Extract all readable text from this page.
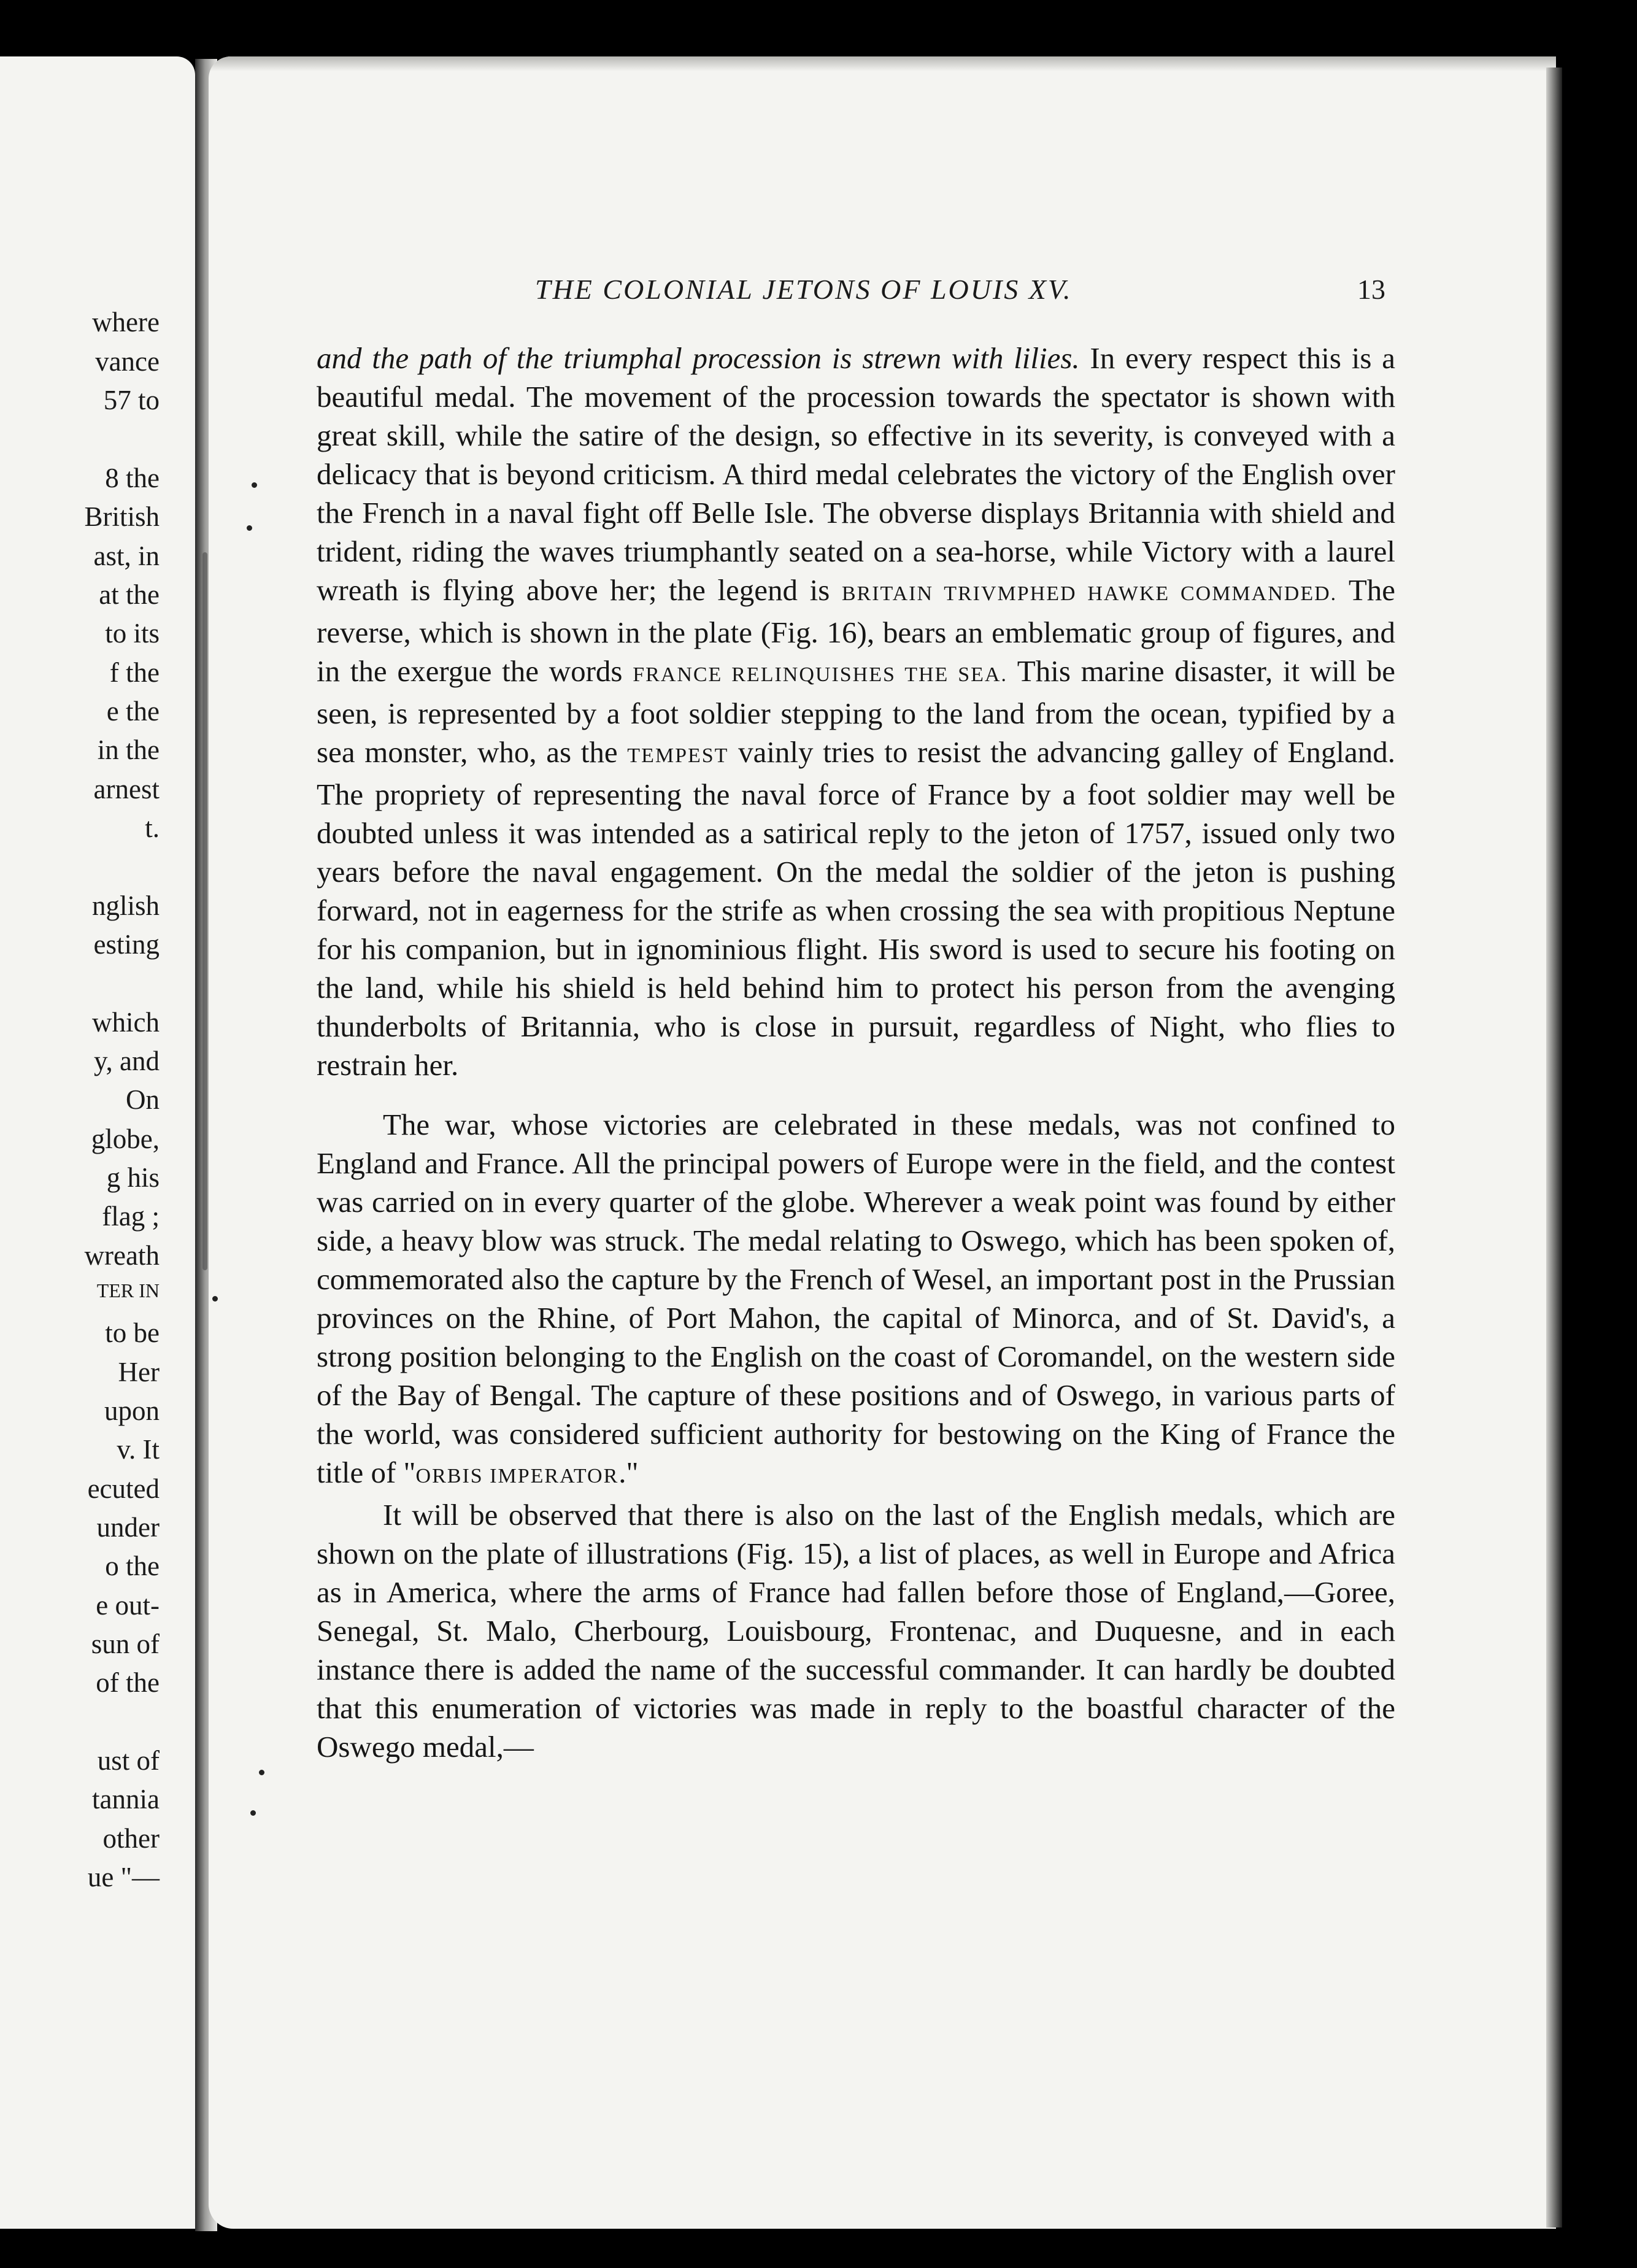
where
vance
57 to
8 the
British
ast, in
at the
to its
f the
e the
in the
arnest
t.
nglish
esting
which
y, and
On
globe,
g his
flag ;
wreath
TER IN
to be
Her
upon
v. It
ecuted
under
o the
e out-
sun of
of the
ust of
tannia
other
ue "—
THE COLONIAL JETONS OF LOUIS XV.	13

and the path of the triumphal procession is strewn with lilies. In every respect this is a beautiful medal. The movement of the procession towards the spectator is shown with great skill, while the satire of the design, so effective in its severity, is conveyed with a delicacy that is beyond criticism. A third medal celebrates the victory of the English over the French in a naval fight off Belle Isle. The obverse displays Britannia with shield and trident, riding the waves triumphantly seated on a sea-horse, while Victory with a laurel wreath is flying above her; the legend is BRITAIN TRIVMPHED HAWKE COMMANDED. The reverse, which is shown in the plate (Fig. 16), bears an emblematic group of figures, and in the exergue the words FRANCE RELINQUISHES THE SEA. This marine disaster, it will be seen, is represented by a foot soldier stepping to the land from the ocean, typified by a sea monster, who, as the TEMPEST vainly tries to resist the advancing galley of England. The propriety of representing the naval force of France by a foot soldier may well be doubted unless it was intended as a satirical reply to the jeton of 1757, issued only two years before the naval engagement. On the medal the soldier of the jeton is pushing forward, not in eagerness for the strife as when crossing the sea with propitious Neptune for his companion, but in ignominious flight. His sword is used to secure his footing on the land, while his shield is held behind him to protect his person from the avenging thunderbolts of Britannia, who is close in pursuit, regardless of Night, who flies to restrain her.

The war, whose victories are celebrated in these medals, was not confined to England and France. All the principal powers of Europe were in the field, and the contest was carried on in every quarter of the globe. Wherever a weak point was found by either side, a heavy blow was struck. The medal relating to Oswego, which has been spoken of, commemorated also the capture by the French of Wesel, an important post in the Prussian provinces on the Rhine, of Port Mahon, the capital of Minorca, and of St. David's, a strong position belonging to the English on the coast of Coromandel, on the western side of the Bay of Bengal. The capture of these positions and of Oswego, in various parts of the world, was considered sufficient authority for bestowing on the King of France the title of "ORBIS IMPERATOR."

It will be observed that there is also on the last of the English medals, which are shown on the plate of illustrations (Fig. 15), a list of places, as well in Europe and Africa as in America, where the arms of France had fallen before those of England,—Goree, Senegal, St. Malo, Cherbourg, Louisbourg, Frontenac, and Duquesne, and in each instance there is added the name of the successful commander. It can hardly be doubted that this enumeration of victories was made in reply to the boastful character of the Oswego medal,—
